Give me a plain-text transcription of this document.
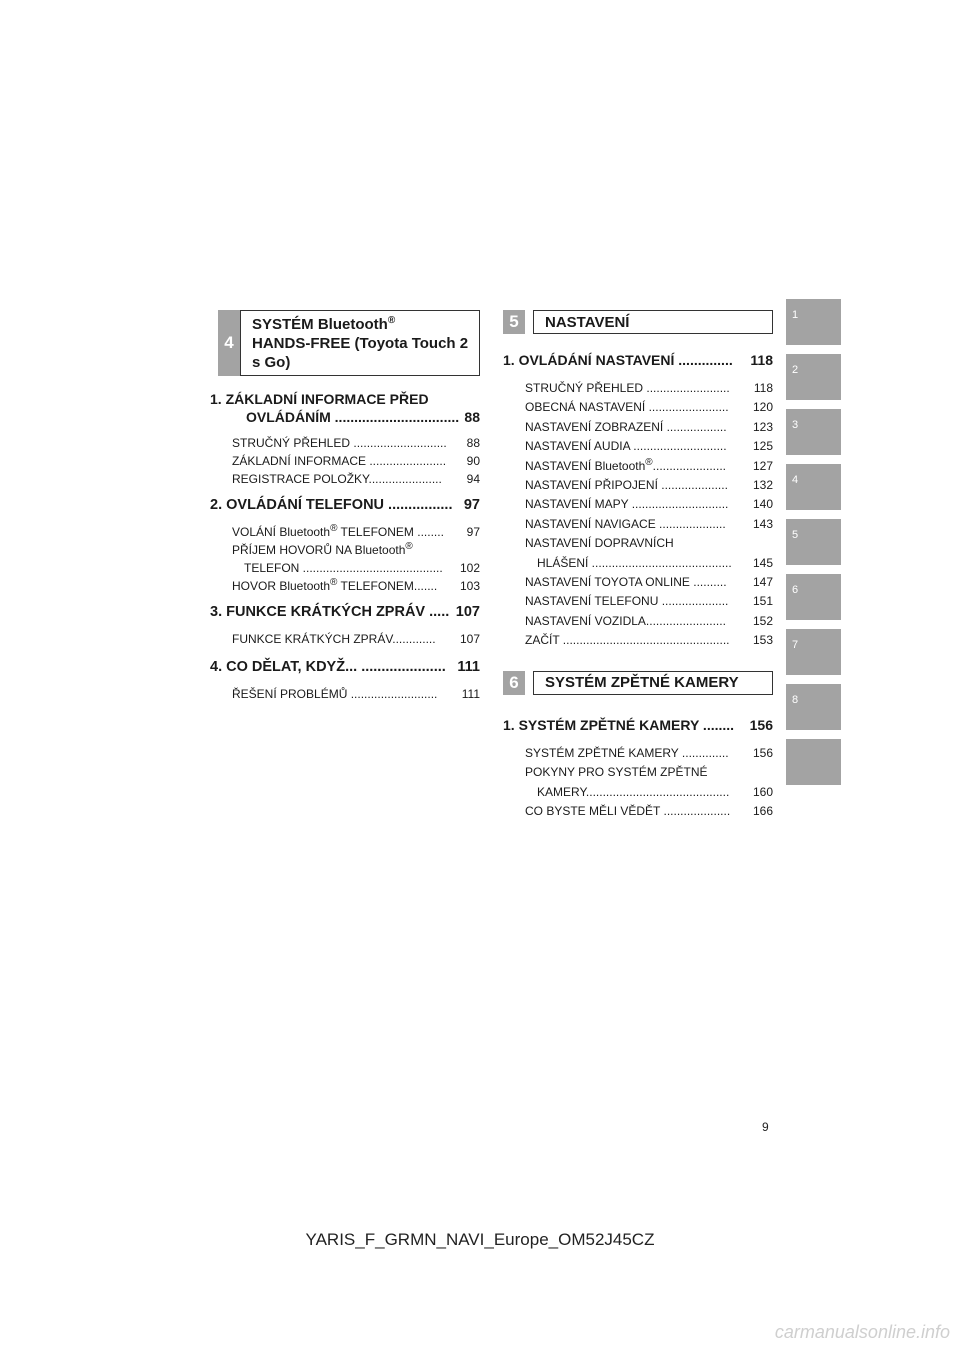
4
SYSTÉM Bluetooth®
HANDS-FREE (Toyota Touch 2
s Go)
1. ZÁKLADNÍ INFORMACE PŘED
OVLÁDÁNÍM ................................ 88
STRUČNÝ PŘEHLED ............................ 88
ZÁKLADNÍ INFORMACE ....................... 90
REGISTRACE POLOŽKY...................... 94
2. OVLÁDÁNÍ TELEFONU ................ 97
VOLÁNÍ Bluetooth® TELEFONEM ........ 97
PŘÍJEM HOVORŮ NA Bluetooth®
TELEFON .......................................... 102
HOVOR Bluetooth® TELEFONEM....... 103
3. FUNKCE KRÁTKÝCH ZPRÁV ..... 107
FUNKCE KRÁTKÝCH ZPRÁV............. 107
4. CO DĚLAT, KDYŽ... ..................... 111
ŘEŠENÍ PROBLÉMŮ .......................... 111
5	NASTAVENÍ
1. OVLÁDÁNÍ NASTAVENÍ .............. 118
STRUČNÝ PŘEHLED ......................... 118
OBECNÁ NASTAVENÍ ........................ 120
NASTAVENÍ ZOBRAZENÍ .................. 123
NASTAVENÍ AUDIA ............................ 125
NASTAVENÍ Bluetooth®...................... 127
NASTAVENÍ PŘIPOJENÍ .................... 132
NASTAVENÍ MAPY ............................. 140
NASTAVENÍ NAVIGACE .................... 143
NASTAVENÍ DOPRAVNÍCH
HLÁŠENÍ .......................................... 145
NASTAVENÍ TOYOTA ONLINE .......... 147
NASTAVENÍ TELEFONU .................... 151
NASTAVENÍ VOZIDLA........................ 152
ZAČÍT .................................................. 153
6	SYSTÉM ZPĚTNÉ KAMERY
1. SYSTÉM ZPĚTNÉ KAMERY ........ 156
SYSTÉM ZPĚTNÉ KAMERY .............. 156
POKYNY PRO SYSTÉM ZPĚTNÉ
KAMERY........................................... 160
CO BYSTE MĚLI VĚDĚT .................... 166
1
2
3
4
5
6
7
8
9
YARIS_F_GRMN_NAVI_Europe_OM52J45CZ
carmanualsonline.info
